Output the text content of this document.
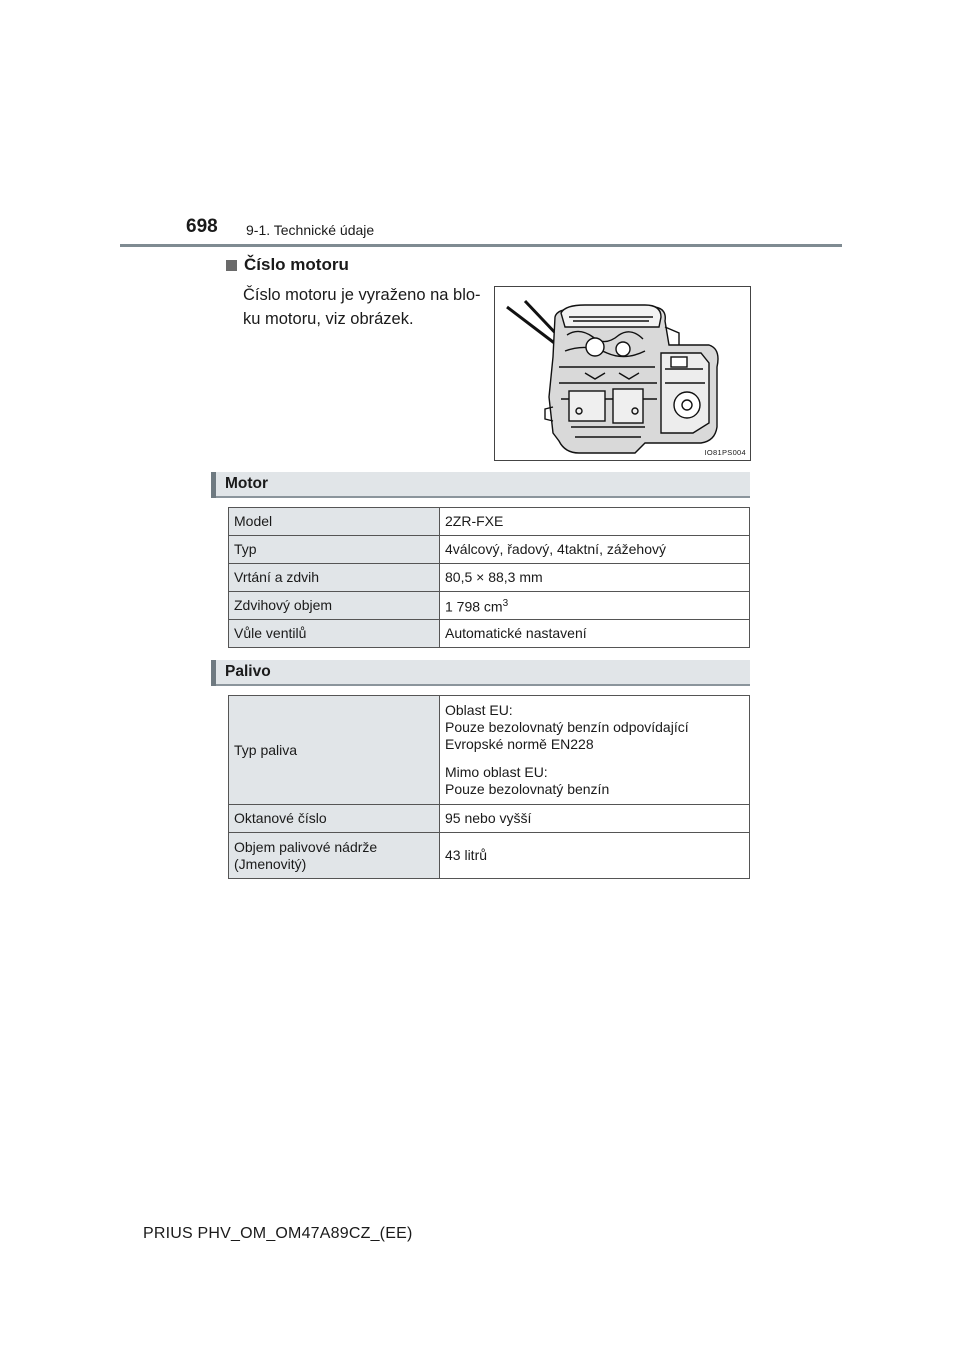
698 9-1. Technické údaje
Číslo motoru
Číslo motoru je vyraženo na blo-
ku motoru, viz obrázek.
IO81PS004
Motor
Model	2ZR-FXE
Typ	4válcový, řadový, 4taktní, zážehový
Vrtání a zdvih	80,5 × 88,3 mm
Zdvihový objem	1 798 $cm^3$
Vůle ventilů	Automatické nastavení
Palivo
Typ paliva	Oblast EU:

Pouze bezolovnatý benzín odpovídající

Evropské normě EN228

Mimo oblast EU:

Pouze bezolovnatý benzín

Oktanové číslo	95 nebo vyšší

Objem palivové nádrže

(Jmenovitý)	43 litrů
PRIUS PHV_OM_OM47A89CZ_(EE)
